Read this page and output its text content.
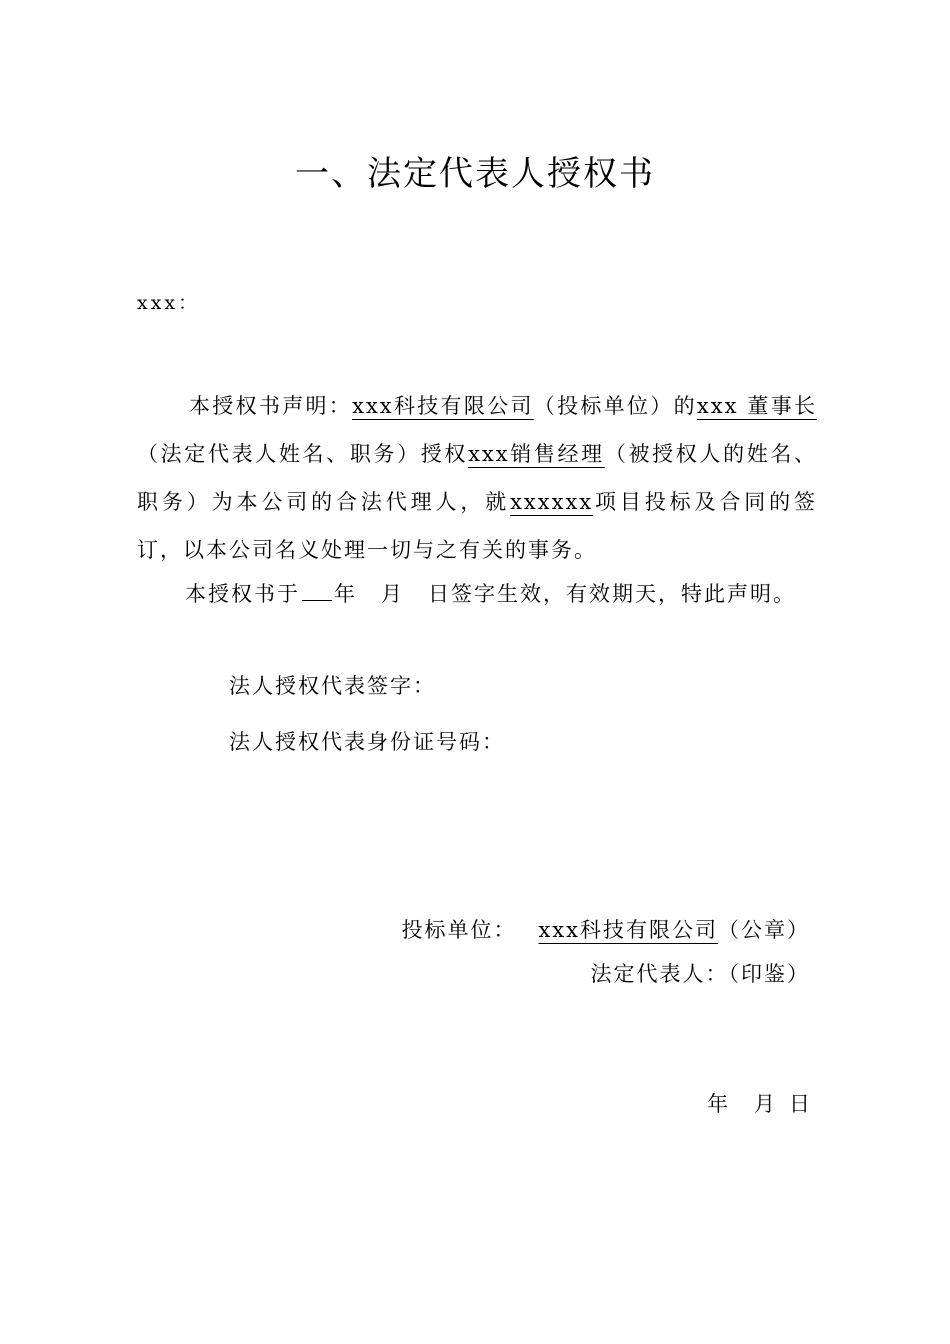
一、法定代表人授权书
xxx：
本授权书声明：xxx科技有限公司（投标单位）的xxx 董事长（法定代表人姓名、职务）授权xxx销售经理（被授权人的姓名、职务）为本公司的合法代理人，就xxxxxx项目投标及合同的签订，以本公司名义处理一切与之有关的事务。
本授权书于 年 月 日签字生效，有效期天，特此声明。
法人授权代表签字：
法人授权代表身份证号码：
投标单位： xxx科技有限公司（公章）
法定代表人：（印鉴）
年 月 日
